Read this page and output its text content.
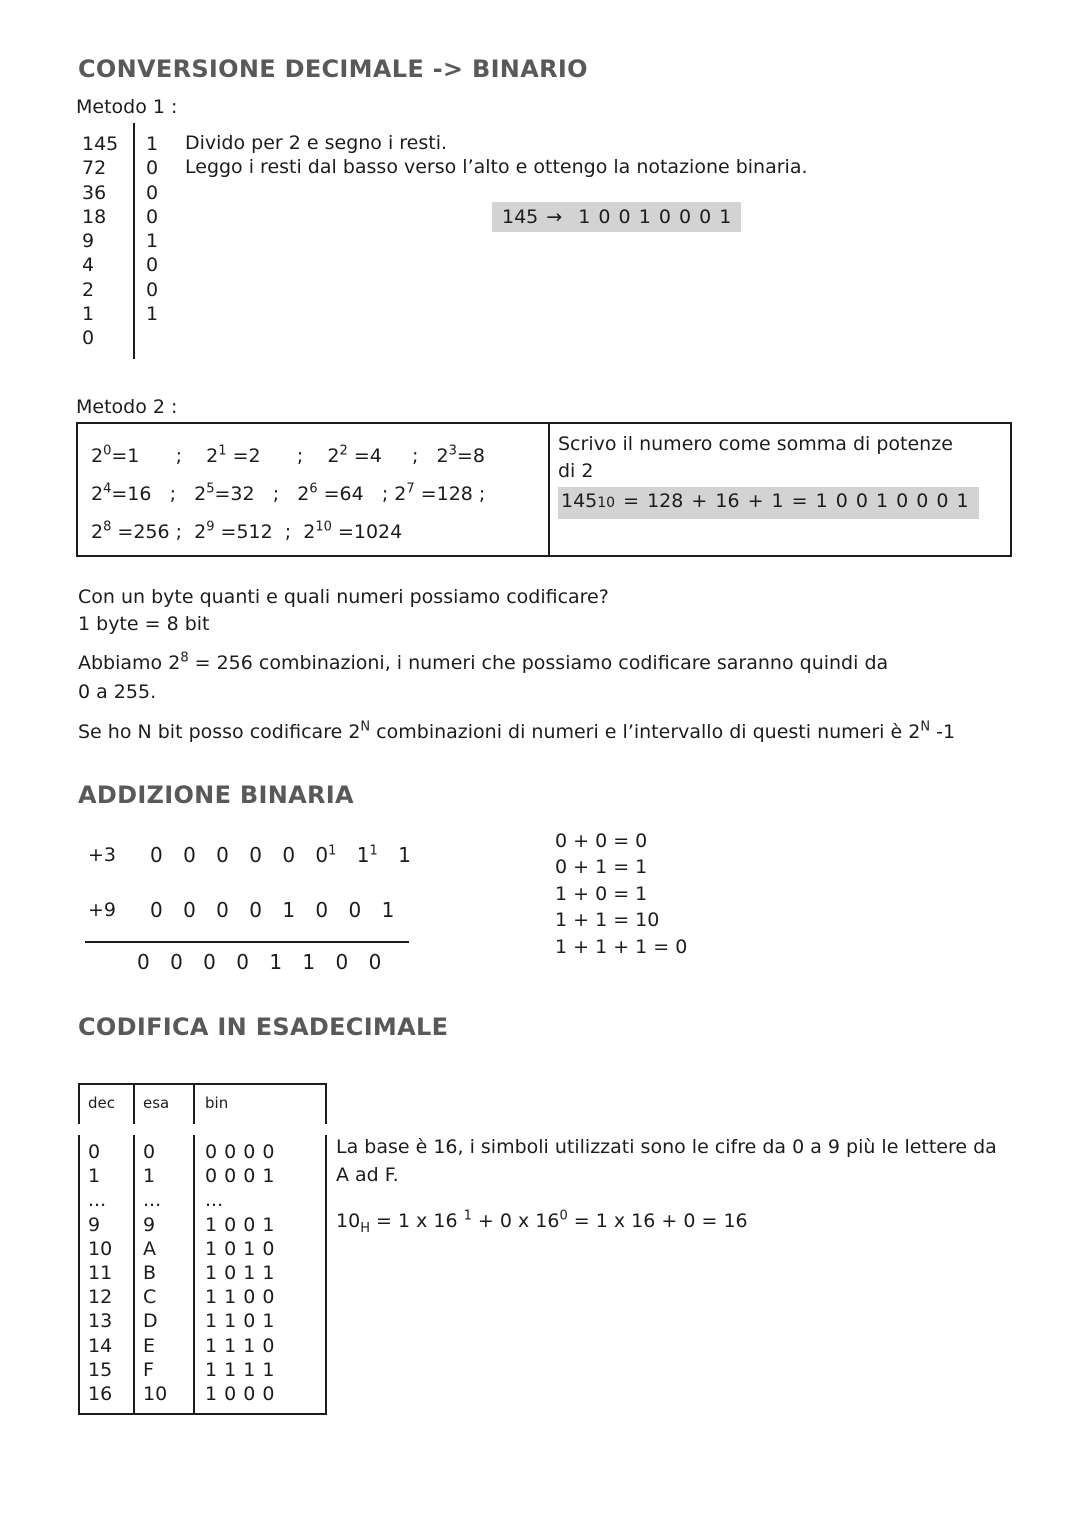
CONVERSIONE DECIMALE -> BINARIO
Metodo 1 :
145
72
36
18
9
4
2
1
0
1
0
0
0
1
0
0
1
Divido per 2 e segno i resti.
Leggo i resti dal basso verso l’alto e ottengo la notazione binaria.
145 →  1 0 0 1 0 0 0 1
Metodo 2 :
$2^0=1$      ;    $2^1 =2$      ;    $2^2 =4$     ;   $2^3=8$
$2^4=16$   ;   $2^5=32$   ;   $2^6 =64$   ; $2^7 =128$ ;
$2^8 =256$ ;  $2^9 =512$  ;  $2^{10} =1024$
Scrivo il numero come somma di potenze di 2
14510 = 128 + 16 + 1 = 1 0 0 1 0 0 0 1
Con un byte quanti e quali numeri possiamo codificare?
1 byte = 8 bit
Abbiamo $2^8 = 256$ combinazioni, i numeri che possiamo codificare saranno quindi da 0 a 255.
Se ho N bit posso codificare $2^N$ combinazioni di numeri e l’intervallo di questi numeri è $2^N$ -1
ADDIZIONE BINARIA
+3 0 0 0 0 0 $0^1$ $1^1$ 1
+9 0 0 0 0 1 0 0 1
0 0 0 0 1 1 0 0
0 + 0 = 0
0 + 1 = 1
1 + 0 = 1
1 + 1 = 10
1 + 1 + 1 = 0
CODIFICA IN ESADECIMALE
dec	esa	bin
0
1
...
9
10
11
12
13
14
15
16
0
1
...
9
A
B
C
D
E
F
10
0 0 0 0
0 0 0 1
...
1 0 0 1
1 0 1 0
1 0 1 1
1 1 0 0
1 1 0 1
1 1 1 0
1 1 1 1
1 0 0 0
La base è 16, i simboli utilizzati sono le cifre da 0 a 9 più le lettere da A ad F.
$10_H = 1$ x 16 $^1$ + 0 x $16^0 = 1$ x 16 + 0 = 16
